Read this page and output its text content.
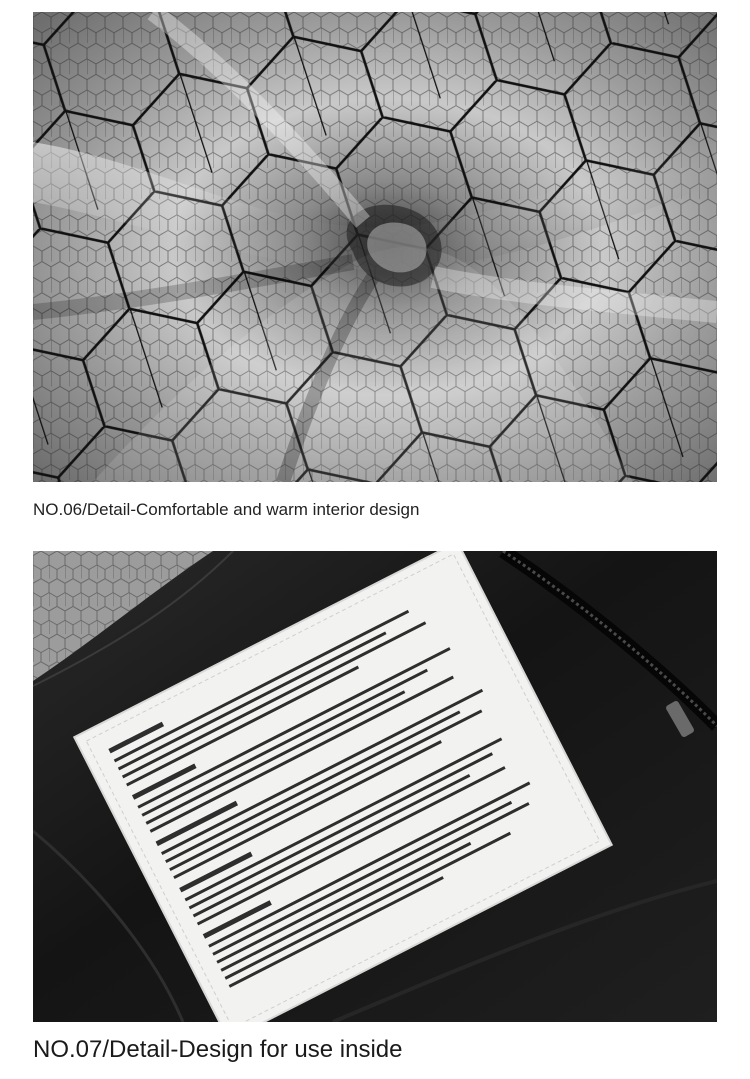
NO.06/Detail-Comfortable and warm interior design
NO.07/Detail-Design for use inside
